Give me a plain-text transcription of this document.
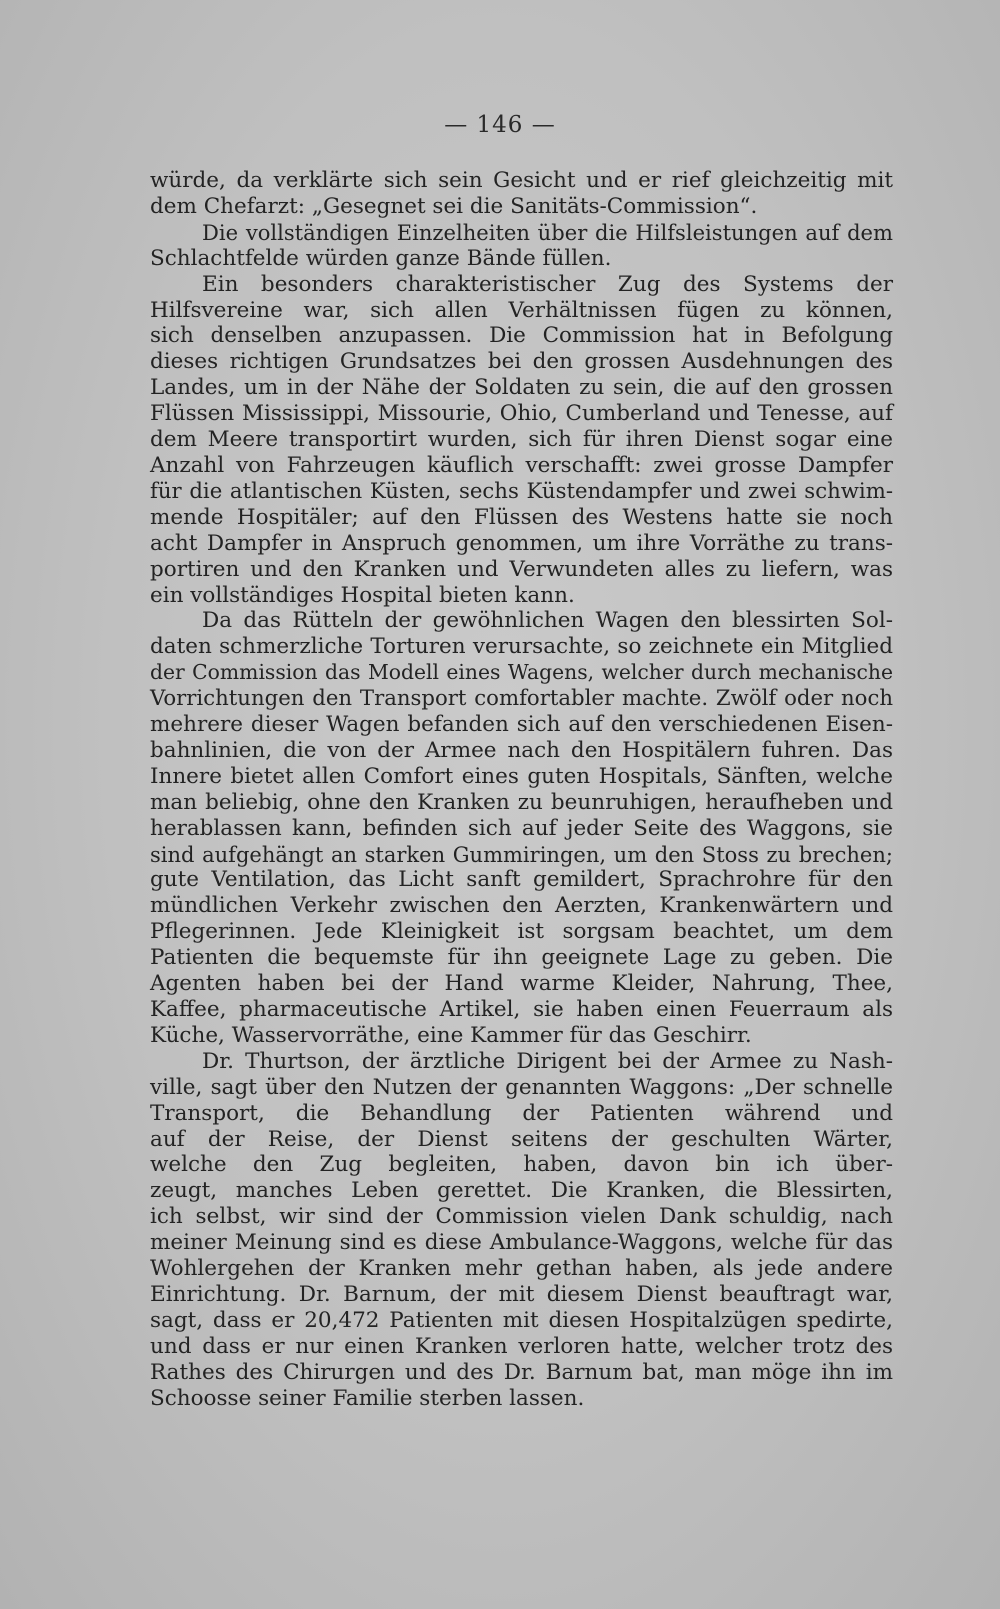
— 146 —
würde, da verklärte sich sein Gesicht und er rief gleichzeitig mit
dem Chefarzt: „Gesegnet sei die Sanitäts-Commission“.
Die vollständigen Einzelheiten über die Hilfsleistungen auf dem
Schlachtfelde würden ganze Bände füllen.
Ein besonders charakteristischer Zug des Systems der
Hilfsvereine war, sich allen Verhältnissen fügen zu können,
sich denselben anzupassen. Die Commission hat in Befolgung
dieses richtigen Grundsatzes bei den grossen Ausdehnungen des
Landes, um in der Nähe der Soldaten zu sein, die auf den grossen
Flüssen Mississippi, Missourie, Ohio, Cumberland und Tenesse, auf
dem Meere transportirt wurden, sich für ihren Dienst sogar eine
Anzahl von Fahrzeugen käuflich verschafft: zwei grosse Dampfer
für die atlantischen Küsten, sechs Küstendampfer und zwei schwim-
mende Hospitäler; auf den Flüssen des Westens hatte sie noch
acht Dampfer in Anspruch genommen, um ihre Vorräthe zu trans-
portiren und den Kranken und Verwundeten alles zu liefern, was
ein vollständiges Hospital bieten kann.
Da das Rütteln der gewöhnlichen Wagen den blessirten Sol-
daten schmerzliche Torturen verursachte, so zeichnete ein Mitglied
der Commission das Modell eines Wagens, welcher durch mechanische
Vorrichtungen den Transport comfortabler machte. Zwölf oder noch
mehrere dieser Wagen befanden sich auf den verschiedenen Eisen-
bahnlinien, die von der Armee nach den Hospitälern fuhren. Das
Innere bietet allen Comfort eines guten Hospitals, Sänften, welche
man beliebig, ohne den Kranken zu beunruhigen, heraufheben und
herablassen kann, befinden sich auf jeder Seite des Waggons, sie
sind aufgehängt an starken Gummiringen, um den Stoss zu brechen;
gute Ventilation, das Licht sanft gemildert, Sprachrohre für den
mündlichen Verkehr zwischen den Aerzten, Krankenwärtern und
Pflegerinnen. Jede Kleinigkeit ist sorgsam beachtet, um dem
Patienten die bequemste für ihn geeignete Lage zu geben. Die
Agenten haben bei der Hand warme Kleider, Nahrung, Thee,
Kaffee, pharmaceutische Artikel, sie haben einen Feuerraum als
Küche, Wasservorräthe, eine Kammer für das Geschirr.
Dr. Thurtson, der ärztliche Dirigent bei der Armee zu Nash-
ville, sagt über den Nutzen der genannten Waggons: „Der schnelle
Transport, die Behandlung der Patienten während und
auf der Reise, der Dienst seitens der geschulten Wärter,
welche den Zug begleiten, haben, davon bin ich über-
zeugt, manches Leben gerettet. Die Kranken, die Blessirten,
ich selbst, wir sind der Commission vielen Dank schuldig, nach
meiner Meinung sind es diese Ambulance-Waggons, welche für das
Wohlergehen der Kranken mehr gethan haben, als jede andere
Einrichtung. Dr. Barnum, der mit diesem Dienst beauftragt war,
sagt, dass er 20,472 Patienten mit diesen Hospitalzügen spedirte,
und dass er nur einen Kranken verloren hatte, welcher trotz des
Rathes des Chirurgen und des Dr. Barnum bat, man möge ihn im
Schoosse seiner Familie sterben lassen.
